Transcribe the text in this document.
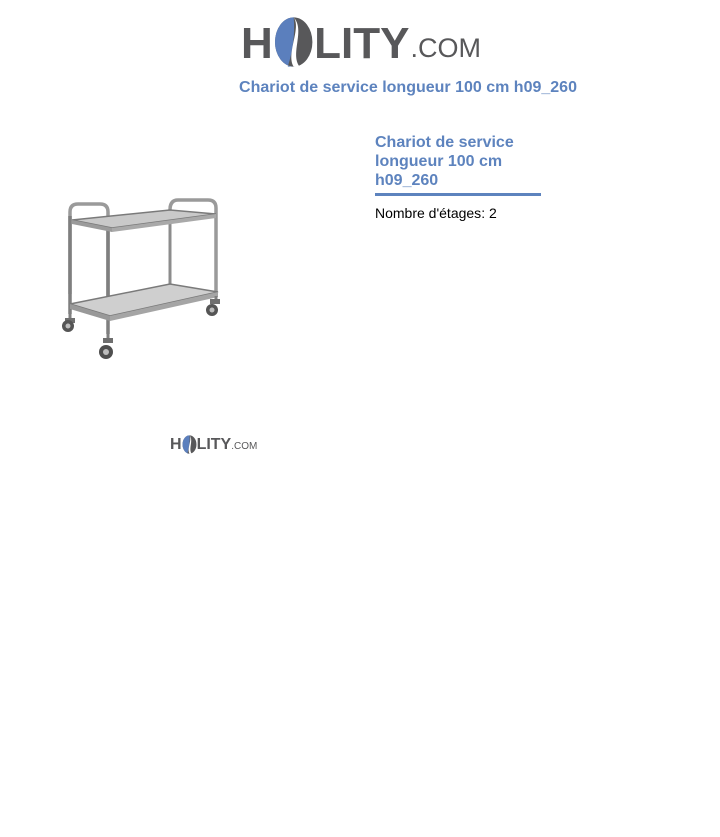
H LITY .COM
Chariot de service longueur 100 cm h09_260
Chariot de service longueur 100 cm h09_260
Nombre d'étages: 2
H LITY .COM
